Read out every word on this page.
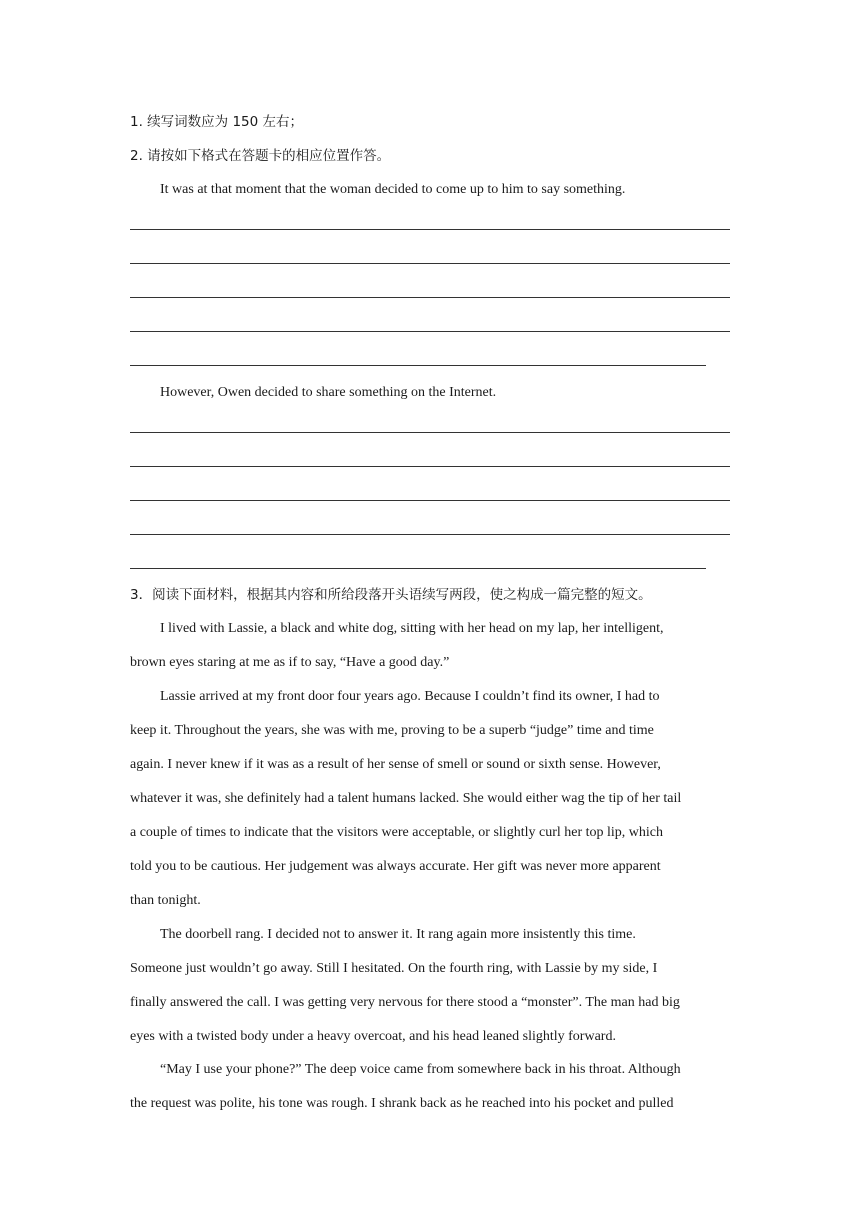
1. 续写词数应为 150 左右；
2. 请按如下格式在答题卡的相应位置作答。
It was at that moment that the woman decided to come up to him to say something.
However, Owen decided to share something on the Internet.
3．阅读下面材料，根据其内容和所给段落开头语续写两段，使之构成一篇完整的短文。
I lived with Lassie, a black and white dog, sitting with her head on my lap, her intelligent,
brown eyes staring at me as if to say, “Have a good day.”
Lassie arrived at my front door four years ago. Because I couldn’t find its owner, I had to
keep it. Throughout the years, she was with me, proving to be a superb “judge” time and time
again. I never knew if it was as a result of her sense of smell or sound or sixth sense. However,
whatever it was, she definitely had a talent humans lacked. She would either wag the tip of her tail
a couple of times to indicate that the visitors were acceptable, or slightly curl her top lip, which
told you to be cautious. Her judgement was always accurate. Her gift was never more apparent
than tonight.
The doorbell rang. I decided not to answer it. It rang again more insistently this time.
Someone just wouldn’t go away. Still I hesitated. On the fourth ring, with Lassie by my side, I
finally answered the call. I was getting very nervous for there stood a “monster”. The man had big
eyes with a twisted body under a heavy overcoat, and his head leaned slightly forward.
“May I use your phone?” The deep voice came from somewhere back in his throat. Although
the request was polite, his tone was rough. I shrank back as he reached into his pocket and pulled
